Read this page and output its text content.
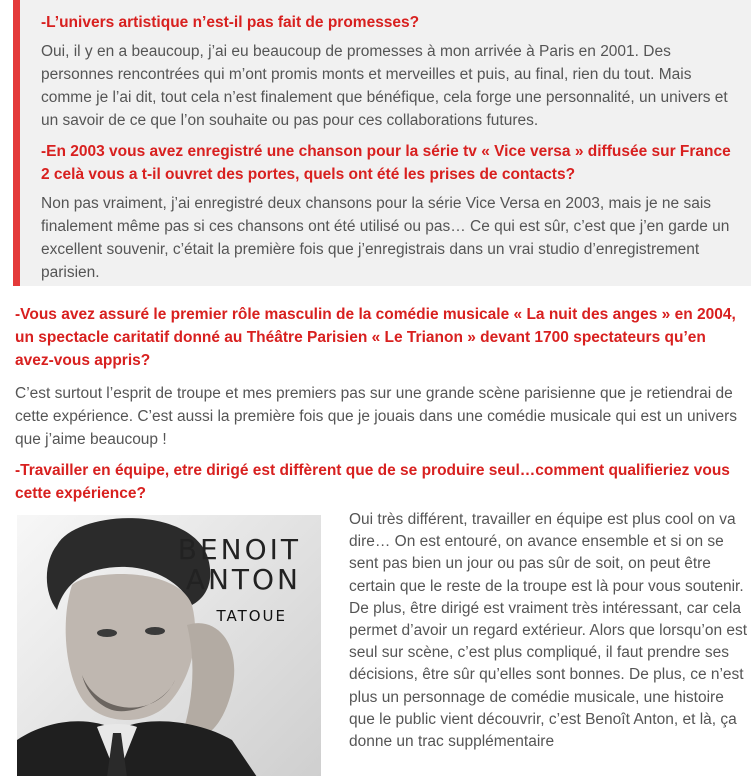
-L’univers artistique n’est-il pas fait de promesses?

Oui, il y en a beaucoup, j’ai eu beaucoup de promesses à mon arrivée à Paris en 2001. Des personnes rencontrées qui m’ont promis monts et merveilles et puis, au final, rien du tout. Mais comme je l’ai dit, tout cela n’est finalement que bénéfique, cela forge une personnalité, un univers et un savoir de ce que l’on souhaite ou pas pour ces collaborations futures.

-En 2003 vous avez enregistré une chanson pour la série tv « Vice versa » diffusée sur France 2 celà vous a t-il ouvret des portes, quels ont été les prises de contacts?

Non pas vraiment, j’ai enregistré deux chansons pour la série Vice Versa en 2003, mais je ne sais finalement même pas si ces chansons ont été utilisé ou pas… Ce qui est sûr, c’est que j’en garde un excellent souvenir, c’était la première fois que j’enregistrais dans un vrai studio d’enregistrement parisien.

-Vous avez assuré le premier rôle masculin de la comédie musicale « La nuit des anges » en 2004, un spectacle caritatif donné au Théâtre Parisien « Le Trianon » devant 1700 spectateurs qu’en avez-vous appris?

C’est surtout l’esprit de troupe et mes premiers pas sur une grande scène parisienne que je retiendrai de cette expérience. C’est aussi la première fois que je jouais dans une comédie musicale qui est un univers que j’aime beaucoup !

-Travailler en équipe, etre dirigé est diffèrent que de se produire seul…comment qualifieriez vous cette expérience?

BENOIT
ANTON
TATOUE

Oui très différent, travailler en équipe est plus cool on va dire… On est entouré, on avance ensemble et si on se sent pas bien un jour ou pas sûr de soit, on peut être certain que le reste de la troupe est là pour vous soutenir. De plus, être dirigé est vraiment très intéressant, car cela permet d’avoir un regard extérieur. Alors que lorsqu’on est seul sur scène, c’est plus compliqué, il faut prendre ses décisions, être sûr qu’elles sont bonnes. De plus, ce n’est plus un personnage de comédie musicale, une histoire que le public vient découvrir, c’est Benoît Anton, et là, ça donne un trac supplémentaire
